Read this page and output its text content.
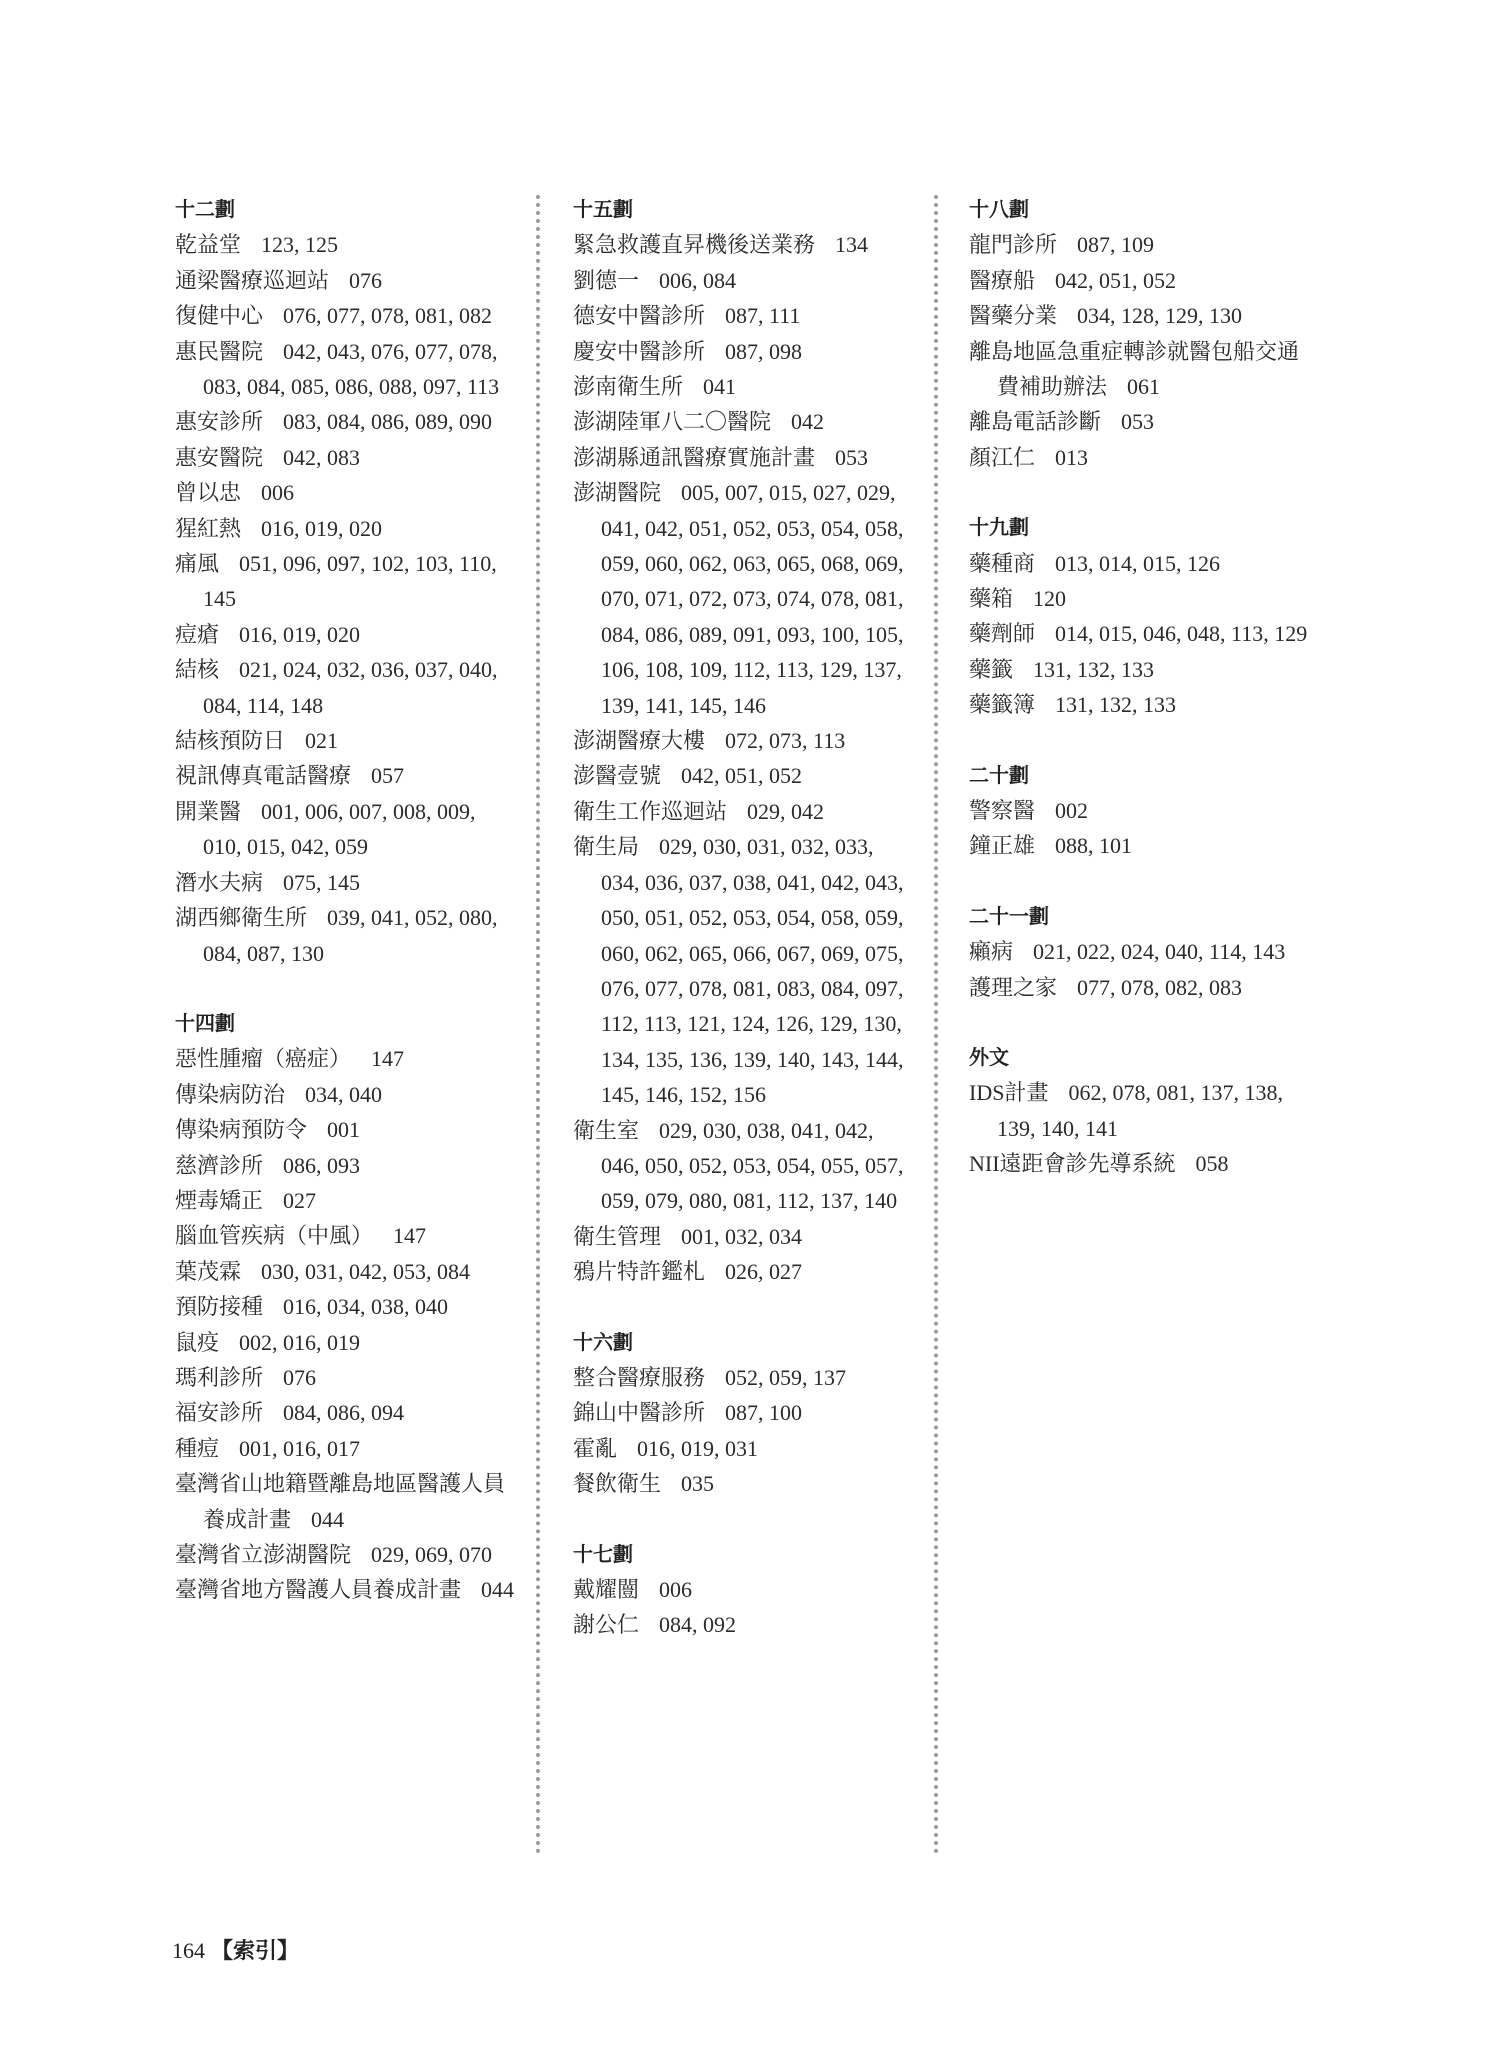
十二劃
乾益堂 123, 125
通梁醫療巡迴站 076
復健中心 076, 077, 078, 081, 082
惠民醫院 042, 043, 076, 077, 078, 083, 084, 085, 086, 088, 097, 113
惠安診所 083, 084, 086, 089, 090
惠安醫院 042, 083
曾以忠 006
猩紅熱 016, 019, 020
痛風 051, 096, 097, 102, 103, 110, 145
痘瘡 016, 019, 020
結核 021, 024, 032, 036, 037, 040, 084, 114, 148
結核預防日 021
視訊傳真電話醫療 057
開業醫 001, 006, 007, 008, 009, 010, 015, 042, 059
潛水夫病 075, 145
湖西鄉衛生所 039, 041, 052, 080, 084, 087, 130
十四劃
惡性腫瘤（癌症） 147
傳染病防治 034, 040
傳染病預防令 001
慈濟診所 086, 093
煙毒矯正 027
腦血管疾病（中風） 147
葉茂霖 030, 031, 042, 053, 084
預防接種 016, 034, 038, 040
鼠疫 002, 016, 019
瑪利診所 076
福安診所 084, 086, 094
種痘 001, 016, 017
臺灣省山地籍暨離島地區醫護人員養成計畫 044
臺灣省立澎湖醫院 029, 069, 070
臺灣省地方醫護人員養成計畫 044
十五劃
緊急救護直昇機後送業務 134
劉德一 006, 084
德安中醫診所 087, 111
慶安中醫診所 087, 098
澎南衛生所 041
澎湖陸軍八二〇醫院 042
澎湖縣通訊醫療實施計畫 053
澎湖醫院 005, 007, 015, 027, 029, 041, 042, 051, 052, 053, 054, 058, 059, 060, 062, 063, 065, 068, 069, 070, 071, 072, 073, 074, 078, 081, 084, 086, 089, 091, 093, 100, 105, 106, 108, 109, 112, 113, 129, 137, 139, 141, 145, 146
澎湖醫療大樓 072, 073, 113
澎醫壹號 042, 051, 052
衛生工作巡迴站 029, 042
衛生局 029, 030, 031, 032, 033, 034, 036, 037, 038, 041, 042, 043, 050, 051, 052, 053, 054, 058, 059, 060, 062, 065, 066, 067, 069, 075, 076, 077, 078, 081, 083, 084, 097, 112, 113, 121, 124, 126, 129, 130, 134, 135, 136, 139, 140, 143, 144, 145, 146, 152, 156
衛生室 029, 030, 038, 041, 042, 046, 050, 052, 053, 054, 055, 057, 059, 079, 080, 081, 112, 137, 140
衛生管理 001, 032, 034
鴉片特許鑑札 026, 027
十六劃
整合醫療服務 052, 059, 137
錦山中醫診所 087, 100
霍亂 016, 019, 031
餐飲衛生 035
十七劃
戴耀闓 006
謝公仁 084, 092
十八劃
龍門診所 087, 109
醫療船 042, 051, 052
醫藥分業 034, 128, 129, 130
離島地區急重症轉診就醫包船交通費補助辦法 061
離島電話診斷 053
顏江仁 013
十九劃
藥種商 013, 014, 015, 126
藥箱 120
藥劑師 014, 015, 046, 048, 113, 129
藥籤 131, 132, 133
藥籤簿 131, 132, 133
二十劃
警察醫 002
鐘正雄 088, 101
二十一劃
癩病 021, 022, 024, 040, 114, 143
護理之家 077, 078, 082, 083
外文
IDS計畫 062, 078, 081, 137, 138, 139, 140, 141
NII遠距會診先導系統 058
164 【索引】
